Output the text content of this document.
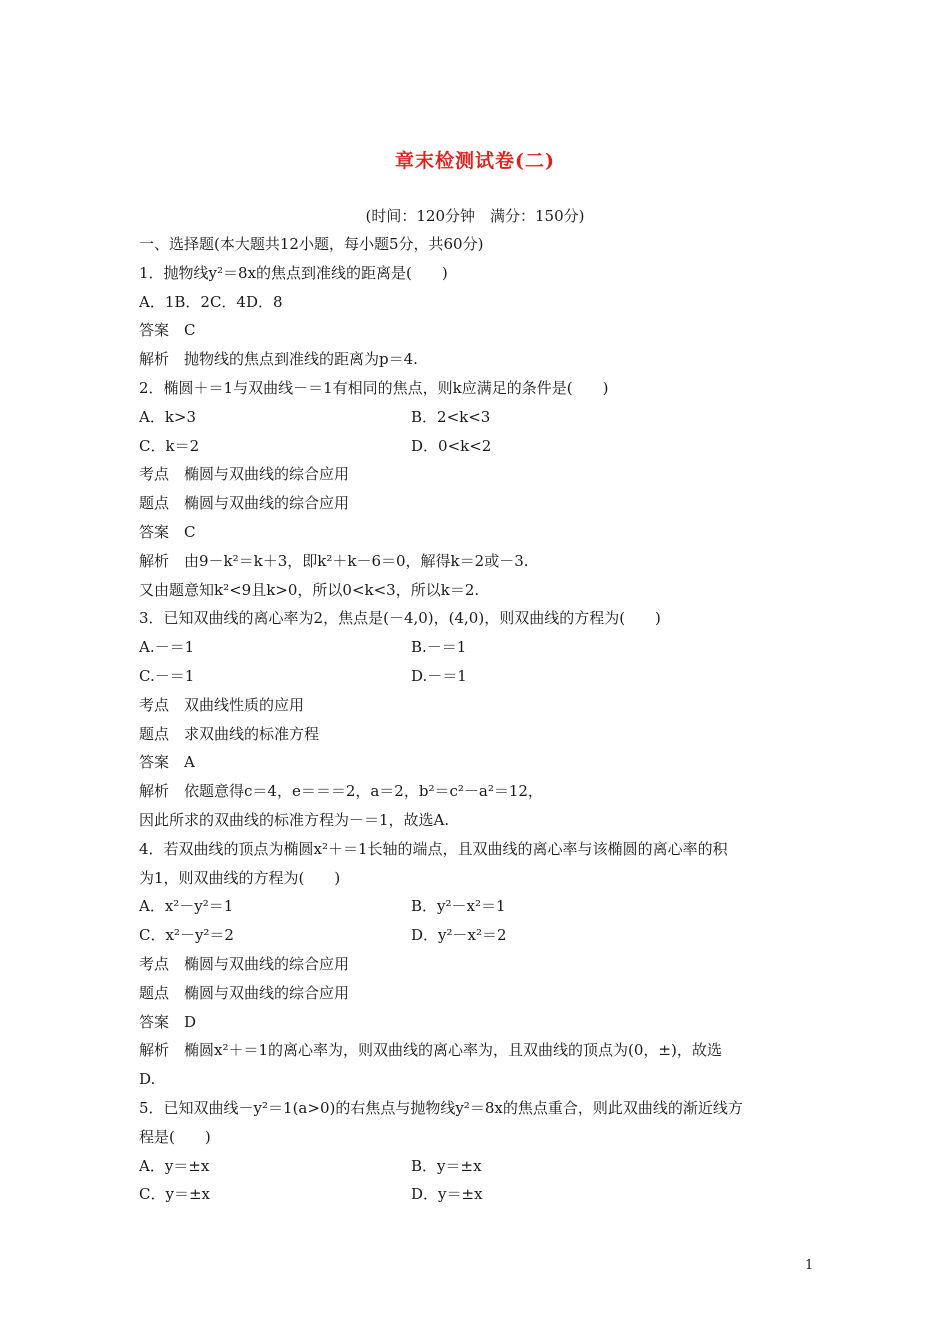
章末检测试卷(二)
(时间：120分钟　满分：150分)
一、选择题(本大题共12小题，每小题5分，共60分)
1．抛物线y²＝8x的焦点到准线的距离是(　　)
A．1B．2C．4D．8
答案　C
解析　抛物线的焦点到准线的距离为p＝4.
2．椭圆＋＝1与双曲线－＝1有相同的焦点，则k应满足的条件是(　　)
A．k>3	B．2<k<3
C．k＝2	D．0<k<2
考点　椭圆与双曲线的综合应用
题点　椭圆与双曲线的综合应用
答案　C
解析　由9－k²＝k＋3，即k²＋k－6＝0，解得k＝2或－3.
又由题意知k²<9且k>0，所以0<k<3，所以k＝2.
3．已知双曲线的离心率为2，焦点是(－4,0)，(4,0)，则双曲线的方程为(　　)
A.－＝1	B.－＝1
C.－＝1	D.－＝1
考点　双曲线性质的应用
题点　求双曲线的标准方程
答案　A
解析　依题意得c＝4，e＝＝＝2，a＝2，b²＝c²－a²＝12，
因此所求的双曲线的标准方程为－＝1，故选A.
4．若双曲线的顶点为椭圆x²＋＝1长轴的端点，且双曲线的离心率与该椭圆的离心率的积
为1，则双曲线的方程为(　　)
A．x²－y²＝1	B．y²－x²＝1
C．x²－y²＝2	D．y²－x²＝2
考点　椭圆与双曲线的综合应用
题点　椭圆与双曲线的综合应用
答案　D
解析　椭圆x²＋＝1的离心率为，则双曲线的离心率为，且双曲线的顶点为(0，±)，故选
D.
5．已知双曲线－y²＝1(a>0)的右焦点与抛物线y²＝8x的焦点重合，则此双曲线的渐近线方
程是(　　)
A．y＝±x	B．y＝±x
C．y＝±x	D．y＝±x
1
